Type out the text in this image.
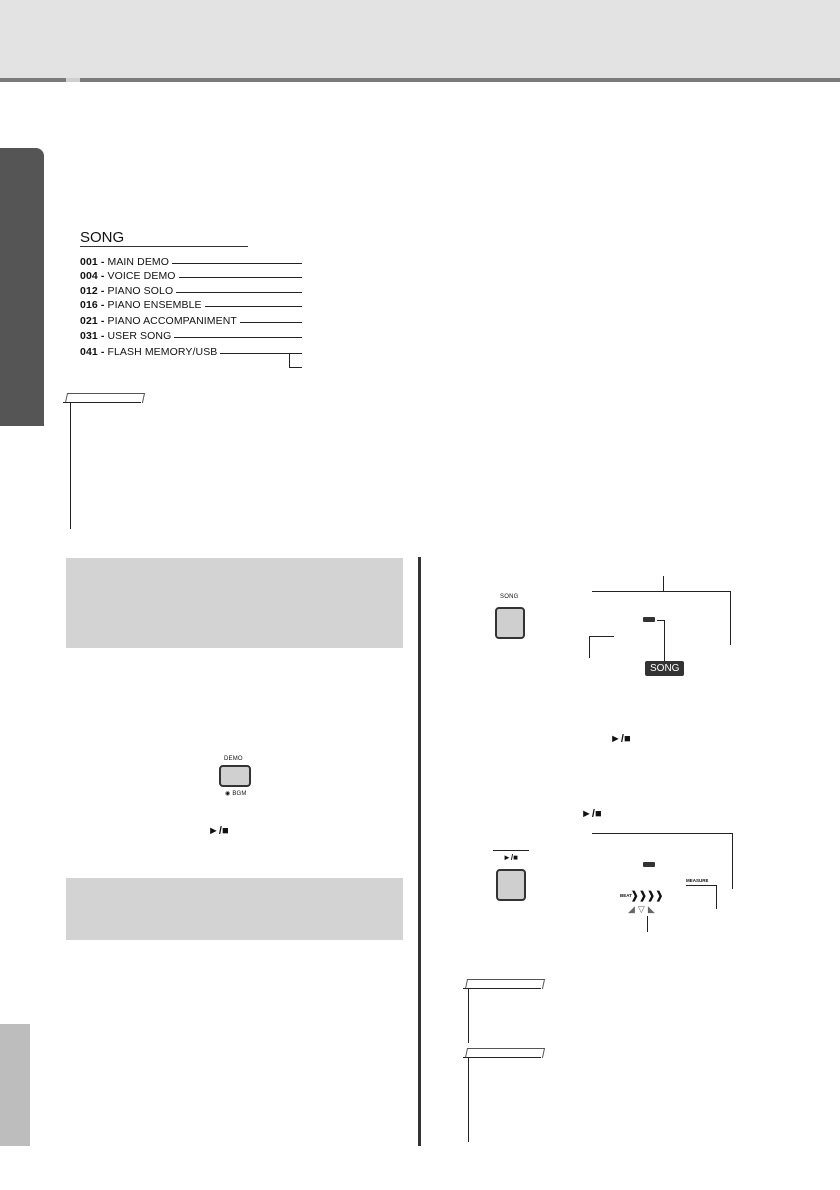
SONG
001 - MAIN DEMO
004 - VOICE DEMO
012 - PIANO SOLO
016 - PIANO ENSEMBLE
021 - PIANO ACCOMPANIMENT
031 - USER SONG
041 - FLASH MEMORY/USB
DEMO
◉ BGM
►/■
SONG
SONG
►/■
►/■
►/■
MEASURE
BEAT
❱❱❱❱
◢▽◣
